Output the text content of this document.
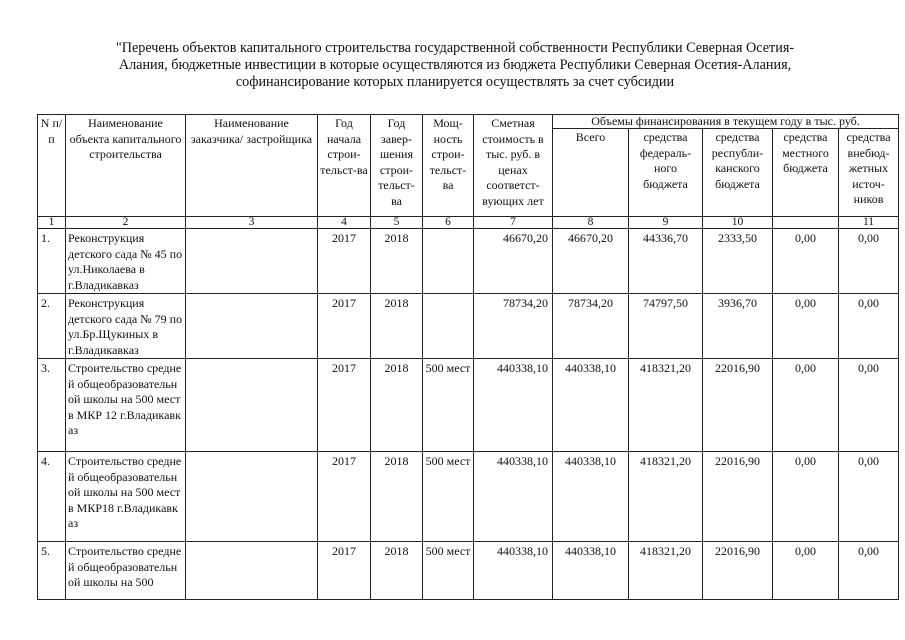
"Перечень объектов капитального строительства государственной собственности Республики Северная Осетия-
Алания, бюджетные инвестиции в которые осуществляются из бюджета Республики Северная Осетия-Алания,
софинансирование которых планируется осуществлять за счет субсидии
N п/п	Наименование объекта капитального строительства	Наименование заказчика/ застройщика	Год начала строи-тельст-ва	Год завер-шения строи-тельст-ва	Мощ-ность строи-тельст-ва	Сметная стоимость в тыс. руб. в ценах соответст-вующих лет	Объемы финансирования в текущем году в тыс. руб.				
							Всего	средства федераль-ного бюджета	средства республи-канского бюджета	средства местного бюджета	средства внебюд-жетных источ-ников
1	2	3	4	5	6	7	8	9	10		11
1.	Реконструкция детского сада № 45 по ул.Николаева в г.Владикавказ		2017	2018		46670,20	46670,20	44336,70	2333,50	0,00	0,00
2.	Реконструкция детского сада № 79 по ул.Бр.Щукиных в г.Владикавказ		2017	2018		78734,20	78734,20	74797,50	3936,70	0,00	0,00
3.	Строительство средней общеобразовательной школы на 500 мест в МКР 12 г.Владикавказ		2017	2018	500 мест	440338,10	440338,10	418321,20	22016,90	0,00	0,00
4.	Строительство средней общеобразовательной школы на 500 мест в МКР18 г.Владикавказ		2017	2018	500 мест	440338,10	440338,10	418321,20	22016,90	0,00	0,00
5.	Строительство средней общеобразовательной школы на 500		2017	2018	500 мест	440338,10	440338,10	418321,20	22016,90	0,00	0,00
